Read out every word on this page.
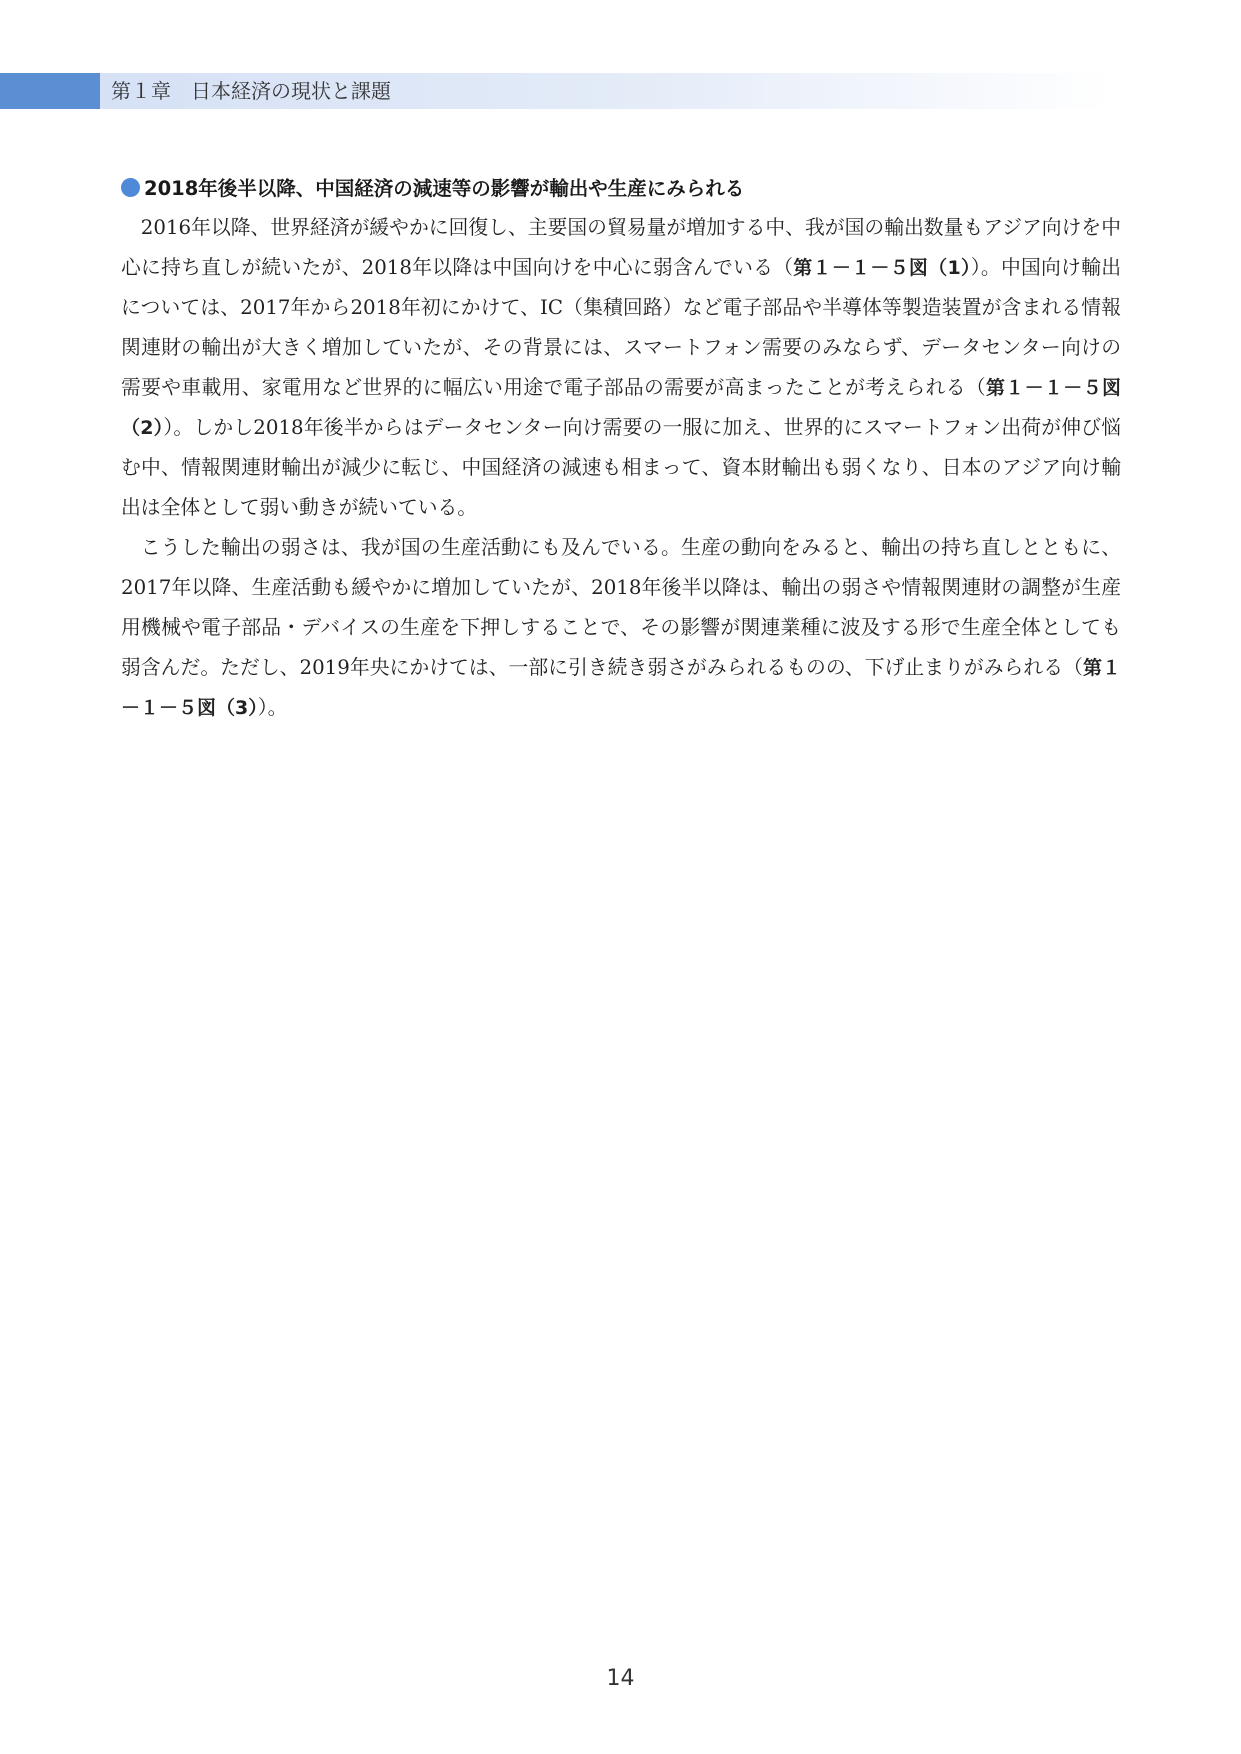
第１章　日本経済の現状と課題
2018年後半以降、中国経済の減速等の影響が輸出や生産にみられる

2016年以降、世界経済が緩やかに回復し、主要国の貿易量が増加する中、我が国の輸出数量もアジア向けを中心に持ち直しが続いたが、2018年以降は中国向けを中心に弱含んでいる（第１－１－５図（1））。中国向け輸出については、2017年から2018年初にかけて、IC（集積回路）など電子部品や半導体等製造装置が含まれる情報関連財の輸出が大きく増加していたが、その背景には、スマートフォン需要のみならず、データセンター向けの需要や車載用、家電用など世界的に幅広い用途で電子部品の需要が高まったことが考えられる（第１－１－５図（2））。しかし2018年後半からはデータセンター向け需要の一服に加え、世界的にスマートフォン出荷が伸び悩む中、情報関連財輸出が減少に転じ、中国経済の減速も相まって、資本財輸出も弱くなり、日本のアジア向け輸出は全体として弱い動きが続いている。

こうした輸出の弱さは、我が国の生産活動にも及んでいる。生産の動向をみると、輸出の持ち直しとともに、2017年以降、生産活動も緩やかに増加していたが、2018年後半以降は、輸出の弱さや情報関連財の調整が生産用機械や電子部品・デバイスの生産を下押しすることで、その影響が関連業種に波及する形で生産全体としても弱含んだ。ただし、2019年央にかけては、一部に引き続き弱さがみられるものの、下げ止まりがみられる（第１－１－５図（3））。

14
